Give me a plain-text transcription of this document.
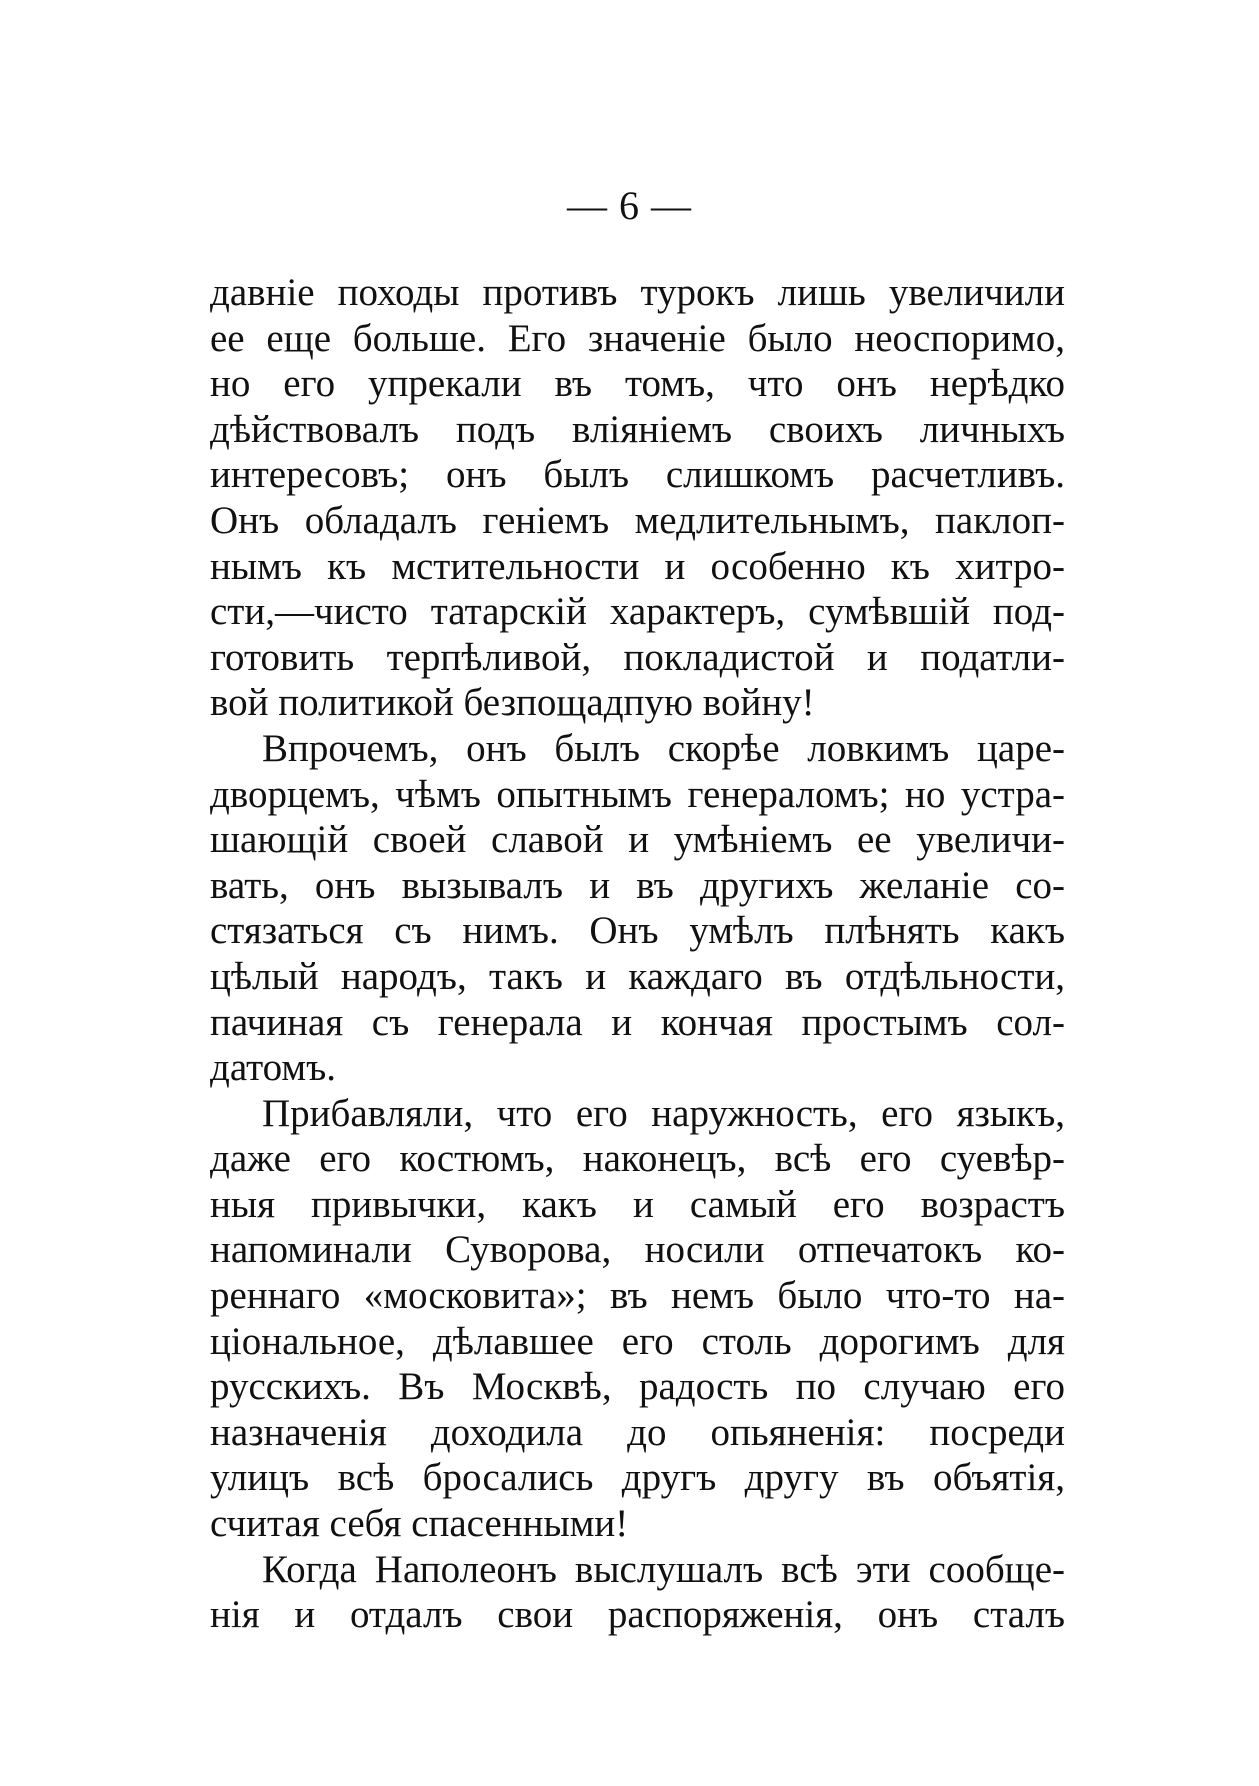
— 6 —
давніе походы противъ турокъ лишь увеличили
ее еще больше. Его значеніе было неоспоримо,
но его упрекали въ томъ, что онъ нерѣдко
дѣйствовалъ подъ вліяніемъ своихъ личныхъ
интересовъ; онъ былъ слишкомъ расчетливъ.
Онъ обладалъ геніемъ медлительнымъ, паклоп-
нымъ къ мстительности и особенно къ хитро-
сти,—чисто татарскій характеръ, сумѣвшій под-
готовить терпѣливой, покладистой и податли-
вой политикой безпощадпую войну!
Впрочемъ, онъ былъ скорѣе ловкимъ царе-
дворцемъ, чѣмъ опытнымъ генераломъ; но устра-
шающій своей славой и умѣніемъ ее увеличи-
вать, онъ вызывалъ и въ другихъ желаніе со-
стязаться съ нимъ. Онъ умѣлъ плѣнять какъ
цѣлый народъ, такъ и каждаго въ отдѣльности,
пачиная съ генерала и кончая простымъ сол-
датомъ.
Прибавляли, что его наружность, его языкъ,
даже его костюмъ, наконецъ, всѣ его суевѣр-
ныя привычки, какъ и самый его возрастъ
напоминали Суворова, носили отпечатокъ ко-
реннаго «московита»; въ немъ было что-то на-
ціональное, дѣлавшее его столь дорогимъ для
русскихъ. Въ Москвѣ, радость по случаю его
назначенія доходила до опьяненія: посреди
улицъ всѣ бросались другъ другу въ объятія,
считая себя спасенными!
Когда Наполеонъ выслушалъ всѣ эти сообще-
нія и отдалъ свои распоряженія, онъ сталъ
